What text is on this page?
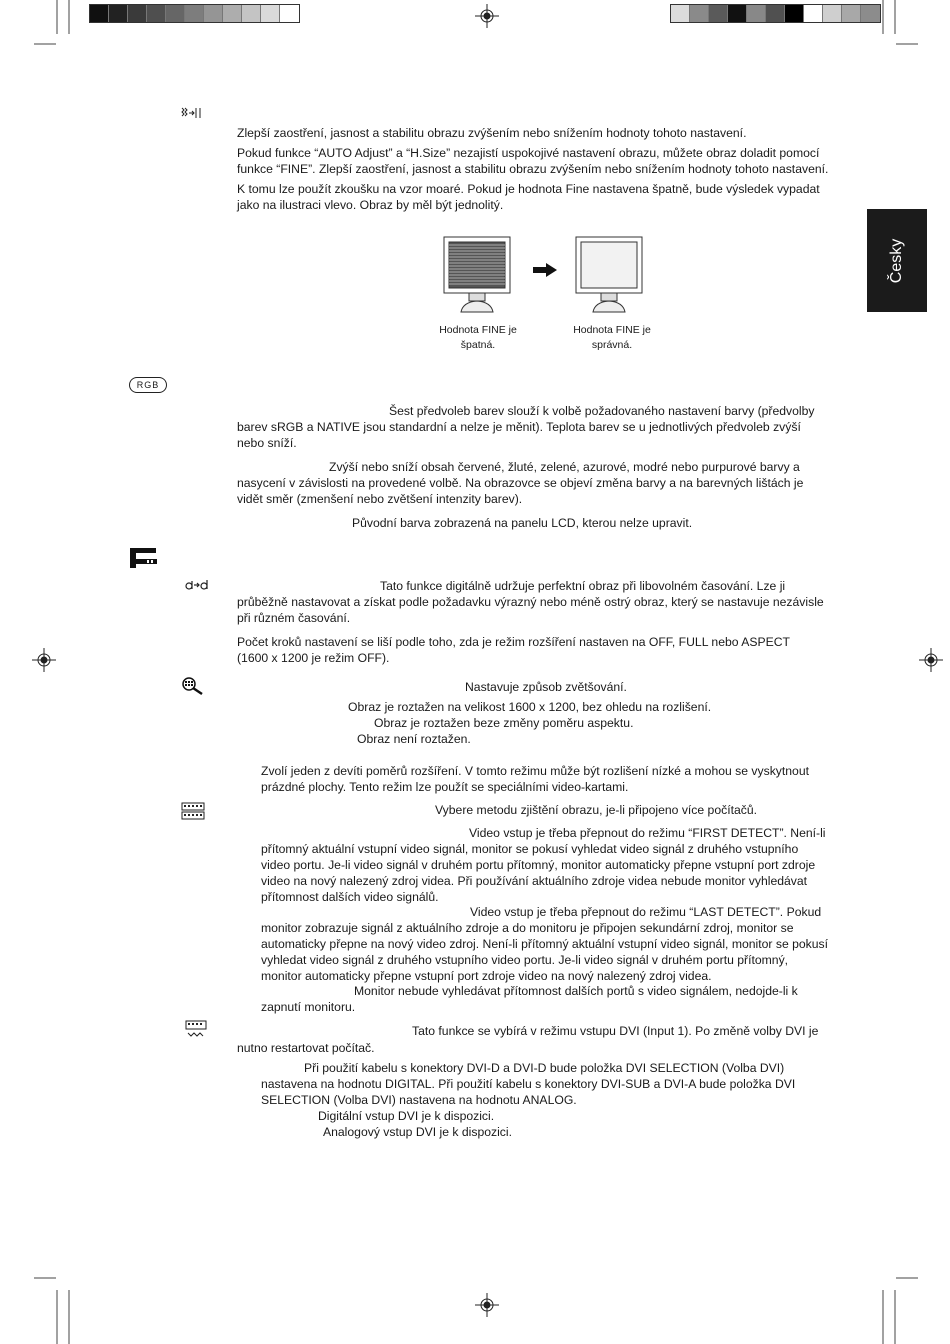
Česky
Zlepší zaostření, jasnost a stabilitu obrazu zvýšením nebo snížením hodnoty tohoto nastavení.
Pokud funkce “AUTO Adjust” a “H.Size” nezajistí uspokojivé nastavení obrazu, můžete obraz doladit pomocí
funkce “FINE”. Zlepší zaostření, jasnost a stabilitu obrazu zvýšením nebo snížením hodnoty tohoto nastavení.
K tomu lze použít zkoušku na vzor moaré. Pokud je hodnota Fine nastavena špatně, bude výsledek vypadat
jako na ilustraci vlevo. Obraz by měl být jednolitý.
Hodnota FINE je
špatná.
Hodnota FINE je
správná.
RGB
Šest předvoleb barev slouží k volbě požadovaného nastavení barvy (předvolby
barev sRGB a NATIVE jsou standardní a nelze je měnit). Teplota barev se u jednotlivých předvoleb zvýší
nebo sníží.
Zvýší nebo sníží obsah červené, žluté, zelené, azurové, modré nebo purpurové barvy a
nasycení v závislosti na provedené volbě. Na obrazovce se objeví změna barvy a na barevných lištách je
vidět směr (zmenšení nebo zvětšení intenzity barev).
Původní barva zobrazená na panelu LCD, kterou nelze upravit.
Tato funkce digitálně udržuje perfektní obraz při libovolném časování. Lze ji
průběžně nastavovat a získat podle požadavku výrazný nebo méně ostrý obraz, který se nastavuje nezávisle
při různém časování.
Počet kroků nastavení se liší podle toho, zda je režim rozšíření nastaven na OFF, FULL nebo ASPECT
(1600 x 1200 je režim OFF).
Nastavuje způsob zvětšování.
Obraz je roztažen na velikost 1600 x 1200, bez ohledu na rozlišení.
Obraz je roztažen beze změny poměru aspektu.
Obraz není roztažen.
Zvolí jeden z devíti poměrů rozšíření. V tomto režimu může být rozlišení nízké a mohou se vyskytnout
prázdné plochy. Tento režim lze použít se speciálními video-kartami.
Vybere metodu zjištění obrazu, je-li připojeno více počítačů.
Video vstup je třeba přepnout do režimu “FIRST DETECT”. Není-li
přítomný aktuální vstupní video signál, monitor se pokusí vyhledat video signál z druhého vstupního
video portu. Je-li video signál v druhém portu přítomný, monitor automaticky přepne vstupní port zdroje
video na nový nalezený zdroj videa. Při používání aktuálního zdroje videa nebude monitor vyhledávat
přítomnost dalších video signálů.
Video vstup je třeba přepnout do režimu “LAST DETECT”. Pokud
monitor zobrazuje signál z aktuálního zdroje a do monitoru je připojen sekundární zdroj, monitor se
automaticky přepne na nový video zdroj. Není-li přítomný aktuální vstupní video signál, monitor se pokusí
vyhledat video signál z druhého vstupního video portu. Je-li video signál v druhém portu přítomný,
monitor automaticky přepne vstupní port zdroje video na nový nalezený zdroj videa.
Monitor nebude vyhledávat přítomnost dalších portů s video signálem, nedojde-li k
zapnutí monitoru.
Tato funkce se vybírá v režimu vstupu DVI (Input 1). Po změně volby DVI je
nutno restartovat počítač.
Při použití kabelu s konektory DVI-D a DVI-D bude položka DVI SELECTION (Volba DVI)
nastavena na hodnotu DIGITAL. Při použití kabelu s konektory DVI-SUB a DVI-A bude položka DVI
SELECTION (Volba DVI) nastavena na hodnotu ANALOG.
Digitální vstup DVI je k dispozici.
Analogový vstup DVI je k dispozici.
